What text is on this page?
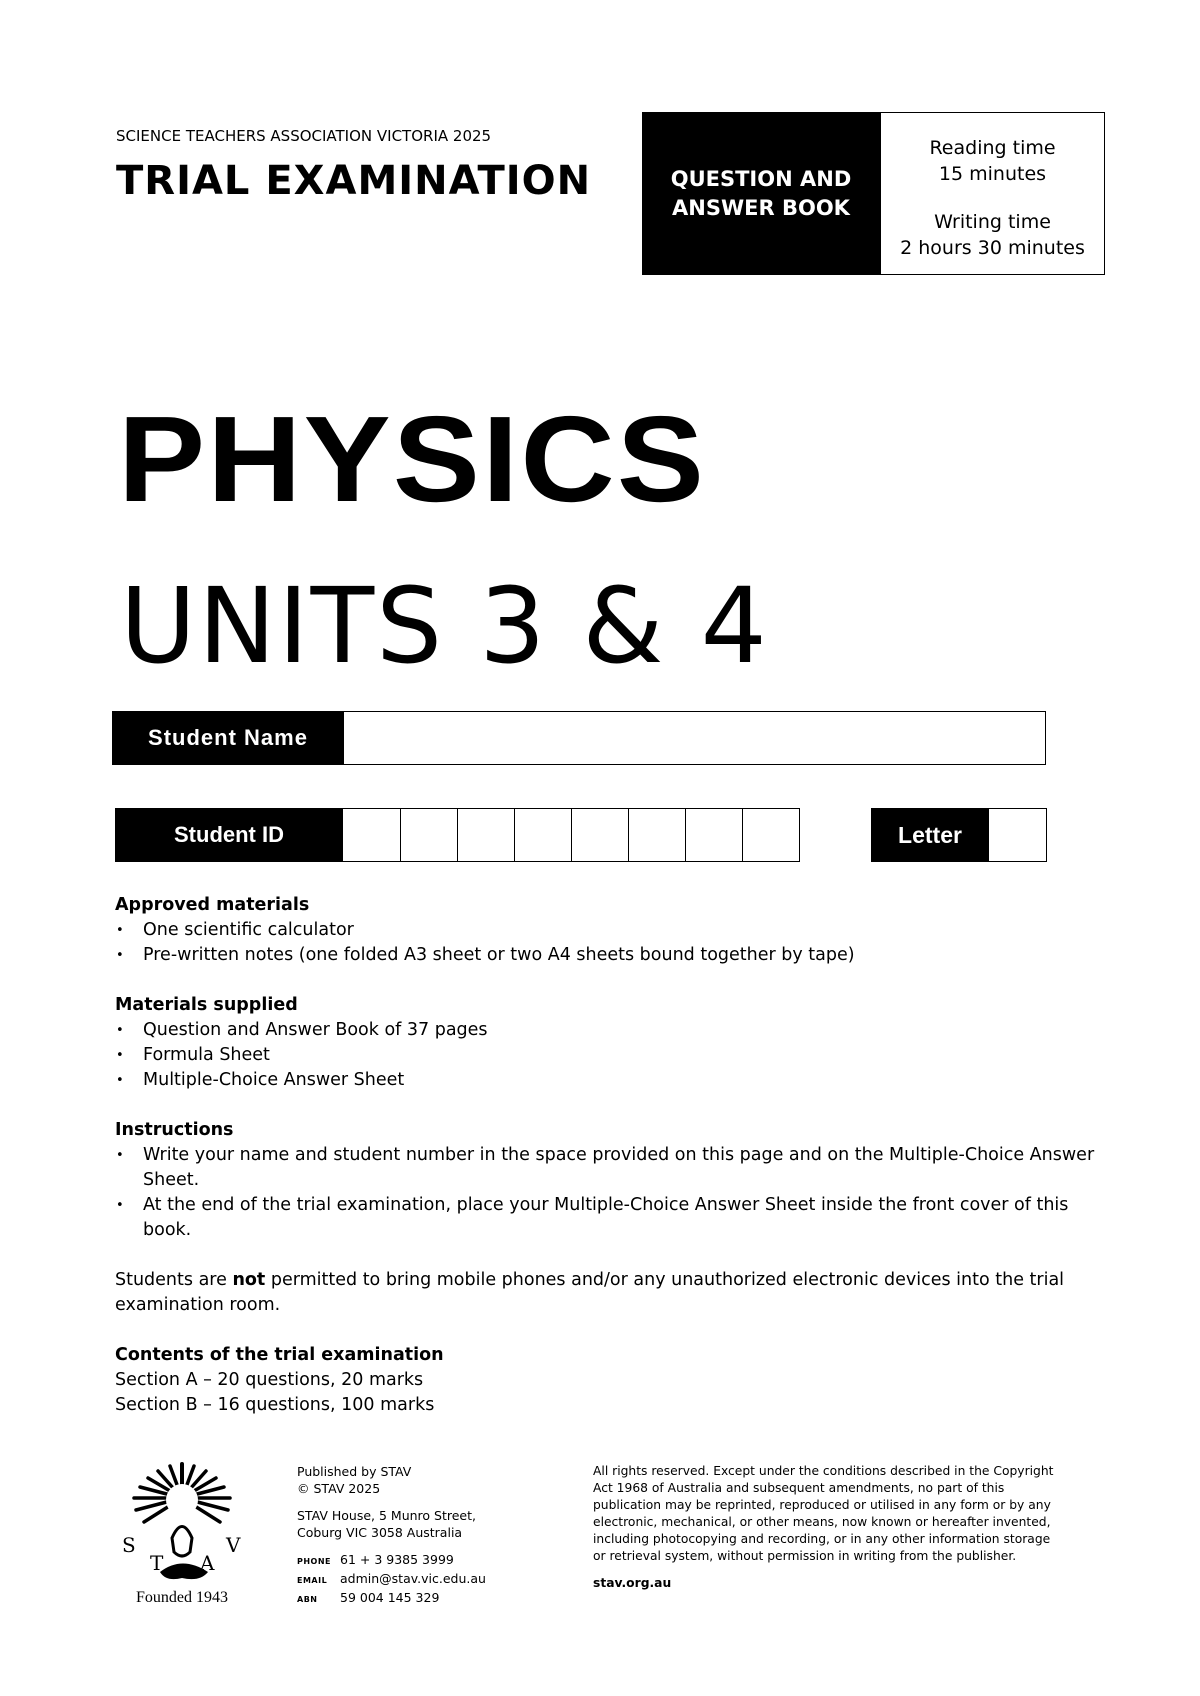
SCIENCE TEACHERS ASSOCIATION VICTORIA 2025
TRIAL EXAMINATION	QUESTION AND
ANSWER BOOK
Reading time
15 minutes
Writing time
2 hours 30 minutes
PHYSICS
UNITS 3 & 4
Student Name
Student ID	Letter
Approved materials
• One scientific calculator
• Pre-written notes (one folded A3 sheet or two A4 sheets bound together by tape)
Materials supplied
• Question and Answer Book of 37 pages
• Formula Sheet
• Multiple-Choice Answer Sheet
Instructions
• Write your name and student number in the space provided on this page and on the Multiple-Choice Answer Sheet.
• At the end of the trial examination, place your Multiple-Choice Answer Sheet inside the front cover of this book.

Students are not permitted to bring mobile phones and/or any unauthorized electronic devices into the trial examination room.

Contents of the trial examination
Section A – 20 questions, 20 marks
Section B – 16 questions, 100 marks
S
T
V
A
Founded 1943
Published by STAV
© STAV 2025
STAV House, 5 Munro Street,
Coburg VIC 3058 Australia
PHONE 61 + 3 9385 3999
EMAIL admin@stav.vic.edu.au
ABN 59 004 145 329
All rights reserved. Except under the conditions described in the Copyright Act 1968 of Australia and subsequent amendments, no part of this publication may be reprinted, reproduced or utilised in any form or by any electronic, mechanical, or other means, now known or hereafter invented, including photocopying and recording, or in any other information storage or retrieval system, without permission in writing from the publisher.
stav.org.au
